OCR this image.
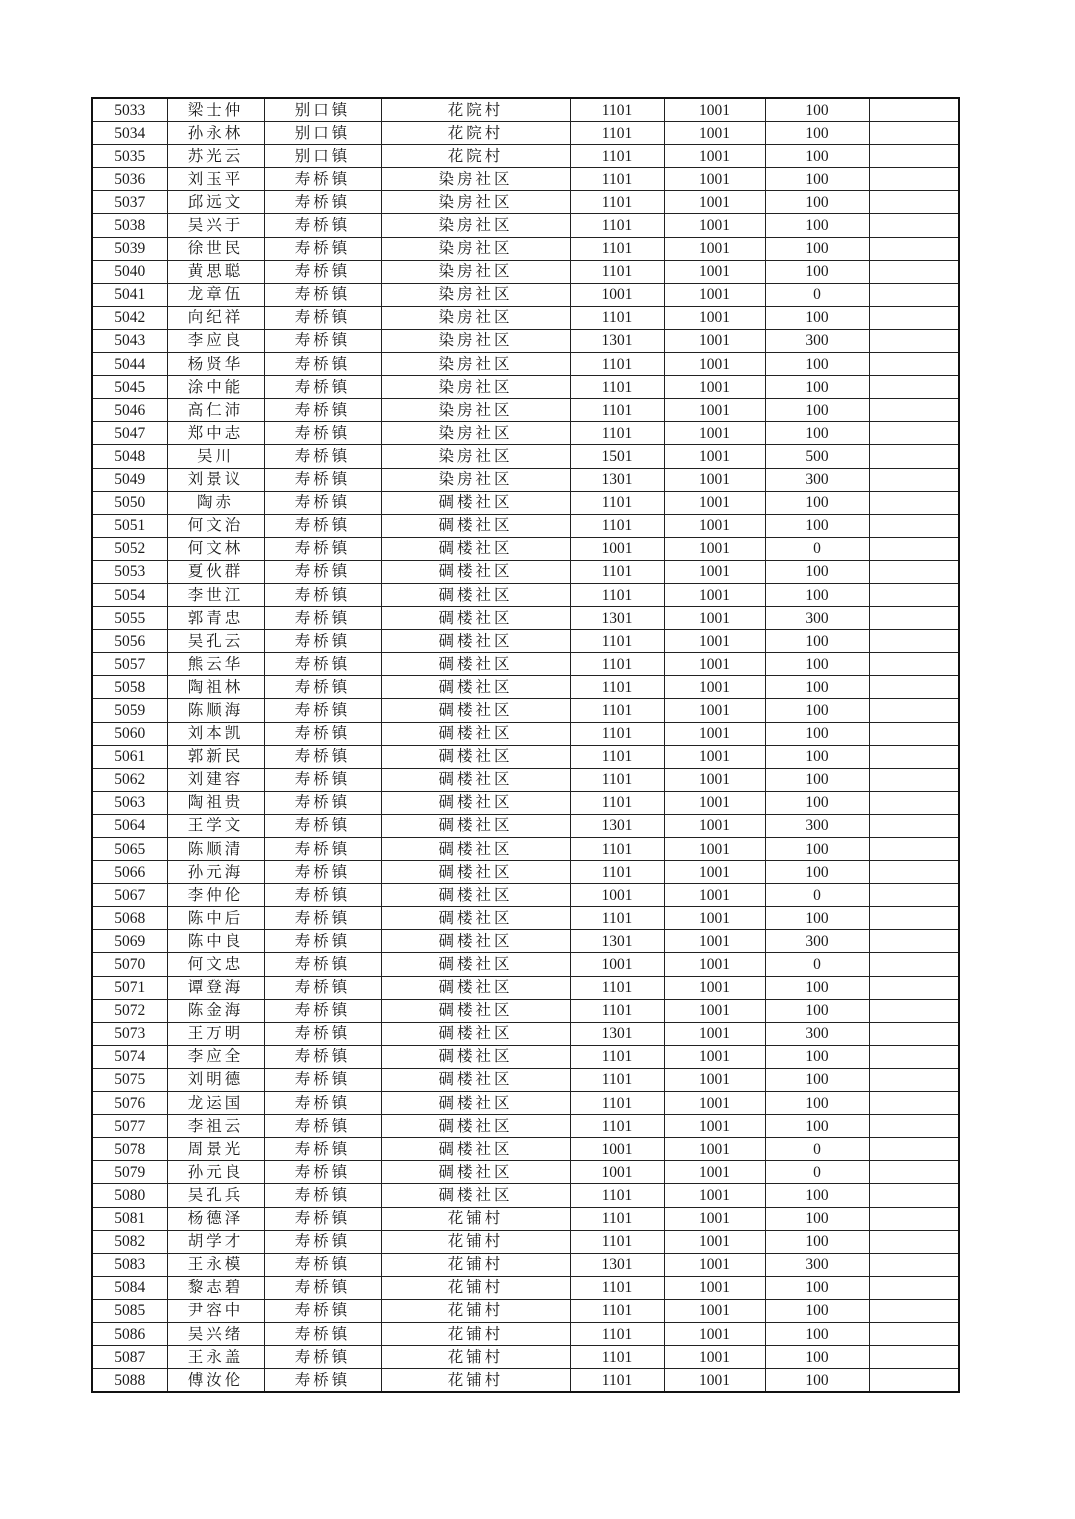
5033	梁士仲	别口镇	花院村	1101	1001	100	
5034	孙永林	别口镇	花院村	1101	1001	100	
5035	苏光云	别口镇	花院村	1101	1001	100	
5036	刘玉平	寿桥镇	染房社区	1101	1001	100	
5037	邱远文	寿桥镇	染房社区	1101	1001	100	
5038	吴兴于	寿桥镇	染房社区	1101	1001	100	
5039	徐世民	寿桥镇	染房社区	1101	1001	100	
5040	黄思聪	寿桥镇	染房社区	1101	1001	100	
5041	龙章伍	寿桥镇	染房社区	1001	1001	0	
5042	向纪祥	寿桥镇	染房社区	1101	1001	100	
5043	李应良	寿桥镇	染房社区	1301	1001	300	
5044	杨贤华	寿桥镇	染房社区	1101	1001	100	
5045	涂中能	寿桥镇	染房社区	1101	1001	100	
5046	高仁沛	寿桥镇	染房社区	1101	1001	100	
5047	郑中志	寿桥镇	染房社区	1101	1001	100	
5048	吴川	寿桥镇	染房社区	1501	1001	500	
5049	刘景议	寿桥镇	染房社区	1301	1001	300	
5050	陶赤	寿桥镇	碉楼社区	1101	1001	100	
5051	何文治	寿桥镇	碉楼社区	1101	1001	100	
5052	何文林	寿桥镇	碉楼社区	1001	1001	0	
5053	夏伙群	寿桥镇	碉楼社区	1101	1001	100	
5054	李世江	寿桥镇	碉楼社区	1101	1001	100	
5055	郭青忠	寿桥镇	碉楼社区	1301	1001	300	
5056	吴孔云	寿桥镇	碉楼社区	1101	1001	100	
5057	熊云华	寿桥镇	碉楼社区	1101	1001	100	
5058	陶祖林	寿桥镇	碉楼社区	1101	1001	100	
5059	陈顺海	寿桥镇	碉楼社区	1101	1001	100	
5060	刘本凯	寿桥镇	碉楼社区	1101	1001	100	
5061	郭新民	寿桥镇	碉楼社区	1101	1001	100	
5062	刘建容	寿桥镇	碉楼社区	1101	1001	100	
5063	陶祖贵	寿桥镇	碉楼社区	1101	1001	100	
5064	王学文	寿桥镇	碉楼社区	1301	1001	300	
5065	陈顺清	寿桥镇	碉楼社区	1101	1001	100	
5066	孙元海	寿桥镇	碉楼社区	1101	1001	100	
5067	李仲伦	寿桥镇	碉楼社区	1001	1001	0	
5068	陈中后	寿桥镇	碉楼社区	1101	1001	100	
5069	陈中良	寿桥镇	碉楼社区	1301	1001	300	
5070	何文忠	寿桥镇	碉楼社区	1001	1001	0	
5071	谭登海	寿桥镇	碉楼社区	1101	1001	100	
5072	陈金海	寿桥镇	碉楼社区	1101	1001	100	
5073	王万明	寿桥镇	碉楼社区	1301	1001	300	
5074	李应全	寿桥镇	碉楼社区	1101	1001	100	
5075	刘明德	寿桥镇	碉楼社区	1101	1001	100	
5076	龙运国	寿桥镇	碉楼社区	1101	1001	100	
5077	李祖云	寿桥镇	碉楼社区	1101	1001	100	
5078	周景光	寿桥镇	碉楼社区	1001	1001	0	
5079	孙元良	寿桥镇	碉楼社区	1001	1001	0	
5080	吴孔兵	寿桥镇	碉楼社区	1101	1001	100	
5081	杨德泽	寿桥镇	花铺村	1101	1001	100	
5082	胡学才	寿桥镇	花铺村	1101	1001	100	
5083	王永模	寿桥镇	花铺村	1301	1001	300	
5084	黎志碧	寿桥镇	花铺村	1101	1001	100	
5085	尹容中	寿桥镇	花铺村	1101	1001	100	
5086	吴兴绪	寿桥镇	花铺村	1101	1001	100	
5087	王永盖	寿桥镇	花铺村	1101	1001	100	
5088	傅汝伦	寿桥镇	花铺村	1101	1001	100	
